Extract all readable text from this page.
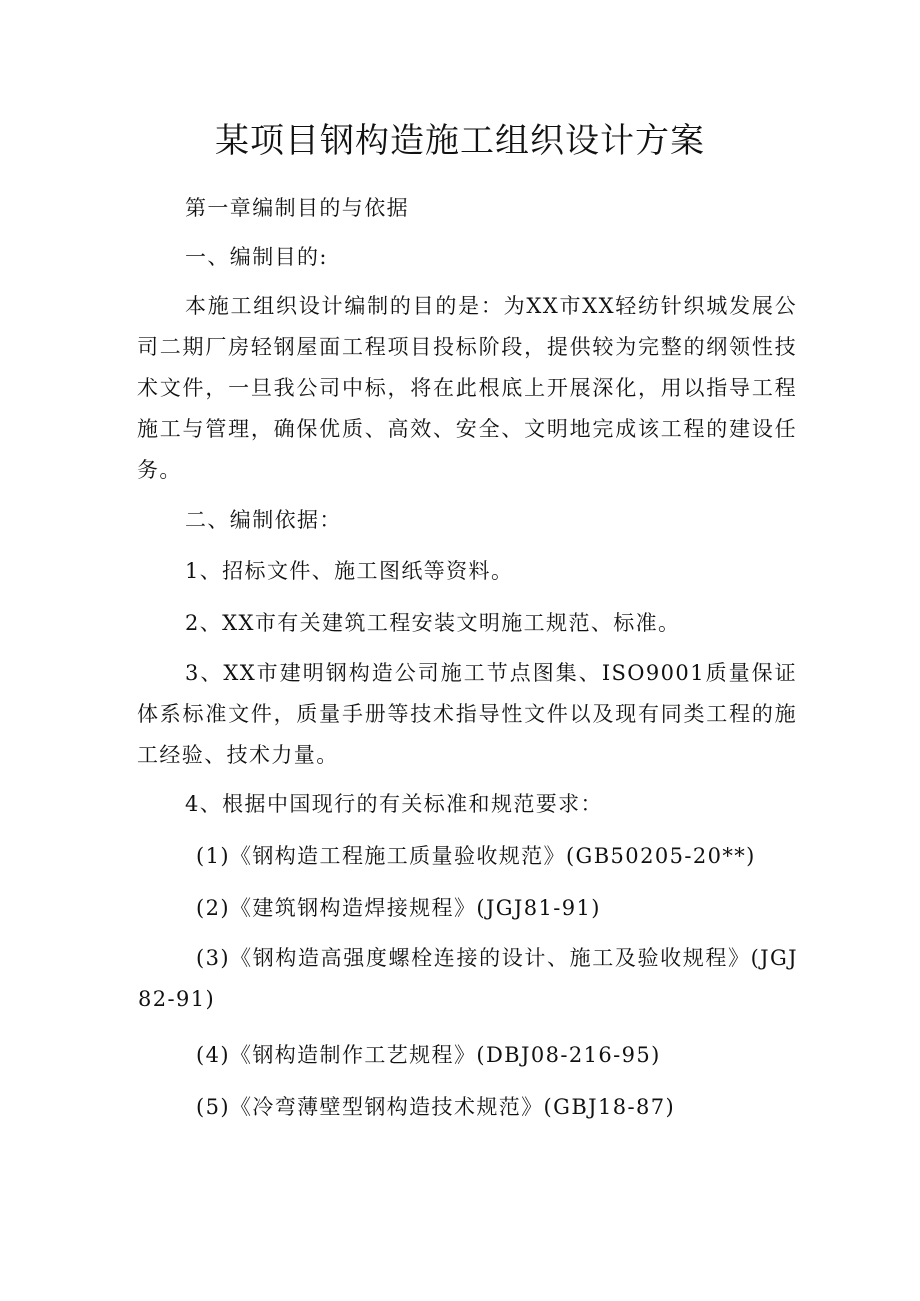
某项目钢构造施工组织设计方案

第一章编制目的与依据

一、编制目的:

本施工组织设计编制的目的是：为XX市XX轻纺针织城发展公司二期厂房轻钢屋面工程项目投标阶段，提供较为完整的纲领性技术文件，一旦我公司中标，将在此根底上开展深化，用以指导工程施工与管理，确保优质、高效、安全、文明地完成该工程的建设任务。

二、编制依据：

1、招标文件、施工图纸等资料。

2、XX市有关建筑工程安装文明施工规范、标准。

3、XX市建明钢构造公司施工节点图集、ISO9001质量保证体系标准文件，质量手册等技术指导性文件以及现有同类工程的施工经验、技术力量。

4、根据中国现行的有关标准和规范要求：

(1)《钢构造工程施工质量验收规范》(GB50205-20**)

(2)《建筑钢构造焊接规程》(JGJ81-91)

(3)《钢构造高强度螺栓连接的设计、施工及验收规程》(JGJ82-91)

(4)《钢构造制作工艺规程》(DBJ08-216-95)

(5)《冷弯薄壁型钢构造技术规范》(GBJ18-87)
